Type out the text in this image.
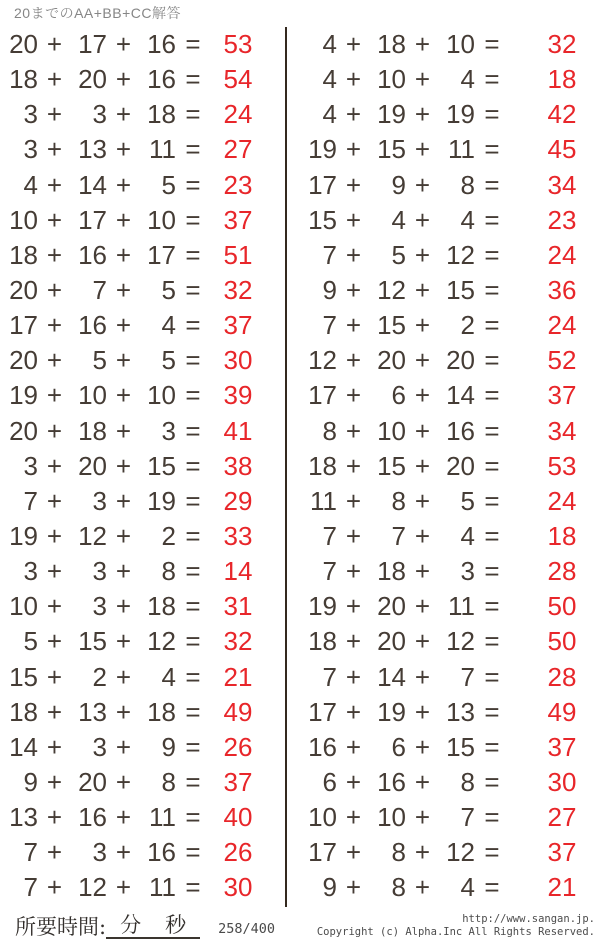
20までのAA+BB+CC解答
20 + 17 + 16 = 53
18 + 20 + 16 = 54
3 +	3 + 18 = 24
3 + 13 + 11 = 27
4 + 14 +	5 = 23
10 + 17 + 10 = 37
18 + 16 + 17 = 51
20 +	7 +	5 = 32
17 + 16 +	4 = 37
20 +	5 +	5 = 30
19 + 10 + 10 = 39
20 + 18 +	3 = 41
3 + 20 + 15 = 38
7 +	3 + 19 = 29
19 + 12 +	2 = 33
3 +	3 +	8 = 14
10 +	3 + 18 = 31
5 + 15 + 12 = 32
15 +	2 +	4 = 21
18 + 13 + 18 = 49
14 +	3 +	9 = 26
9 + 20 +	8 = 37
13 + 16 + 11 = 40
7 +	3 + 16 = 26
7 + 12 + 11 = 30
4 + 18 + 10 =	32
4 + 10 +	4 =	18
4 + 19 + 19 =	42
19 + 15 + 11 =	45
17 +	9 +	8 =	34
15 +	4 +	4 =	23
7 +	5 + 12 =	24
9 + 12 + 15 =	36
7 + 15 +	2 =	24
12 + 20 + 20 =	52
17 +	6 + 14 =	37
8 + 10 + 16 =	34
18 + 15 + 20 =	53
11 +	8 +	5 =	24
7 +	7 +	4 =	18
7 + 18 +	3 =	28
19 + 20 + 11 =	50
18 + 20 + 12 =	50
7 + 14 +	7 =	28
17 + 19 + 13 =	49
16 +	6 + 15 =	37
6 + 16 +	8 =	30
10 + 10 +	7 =	27
17 +	8 + 12 =	37
9 +	8 +	4 =	21
所要時間: 分 秒 258/400
http://www.sangan.jp.
Copyright (c) Alpha.Inc All Rights Reserved.
